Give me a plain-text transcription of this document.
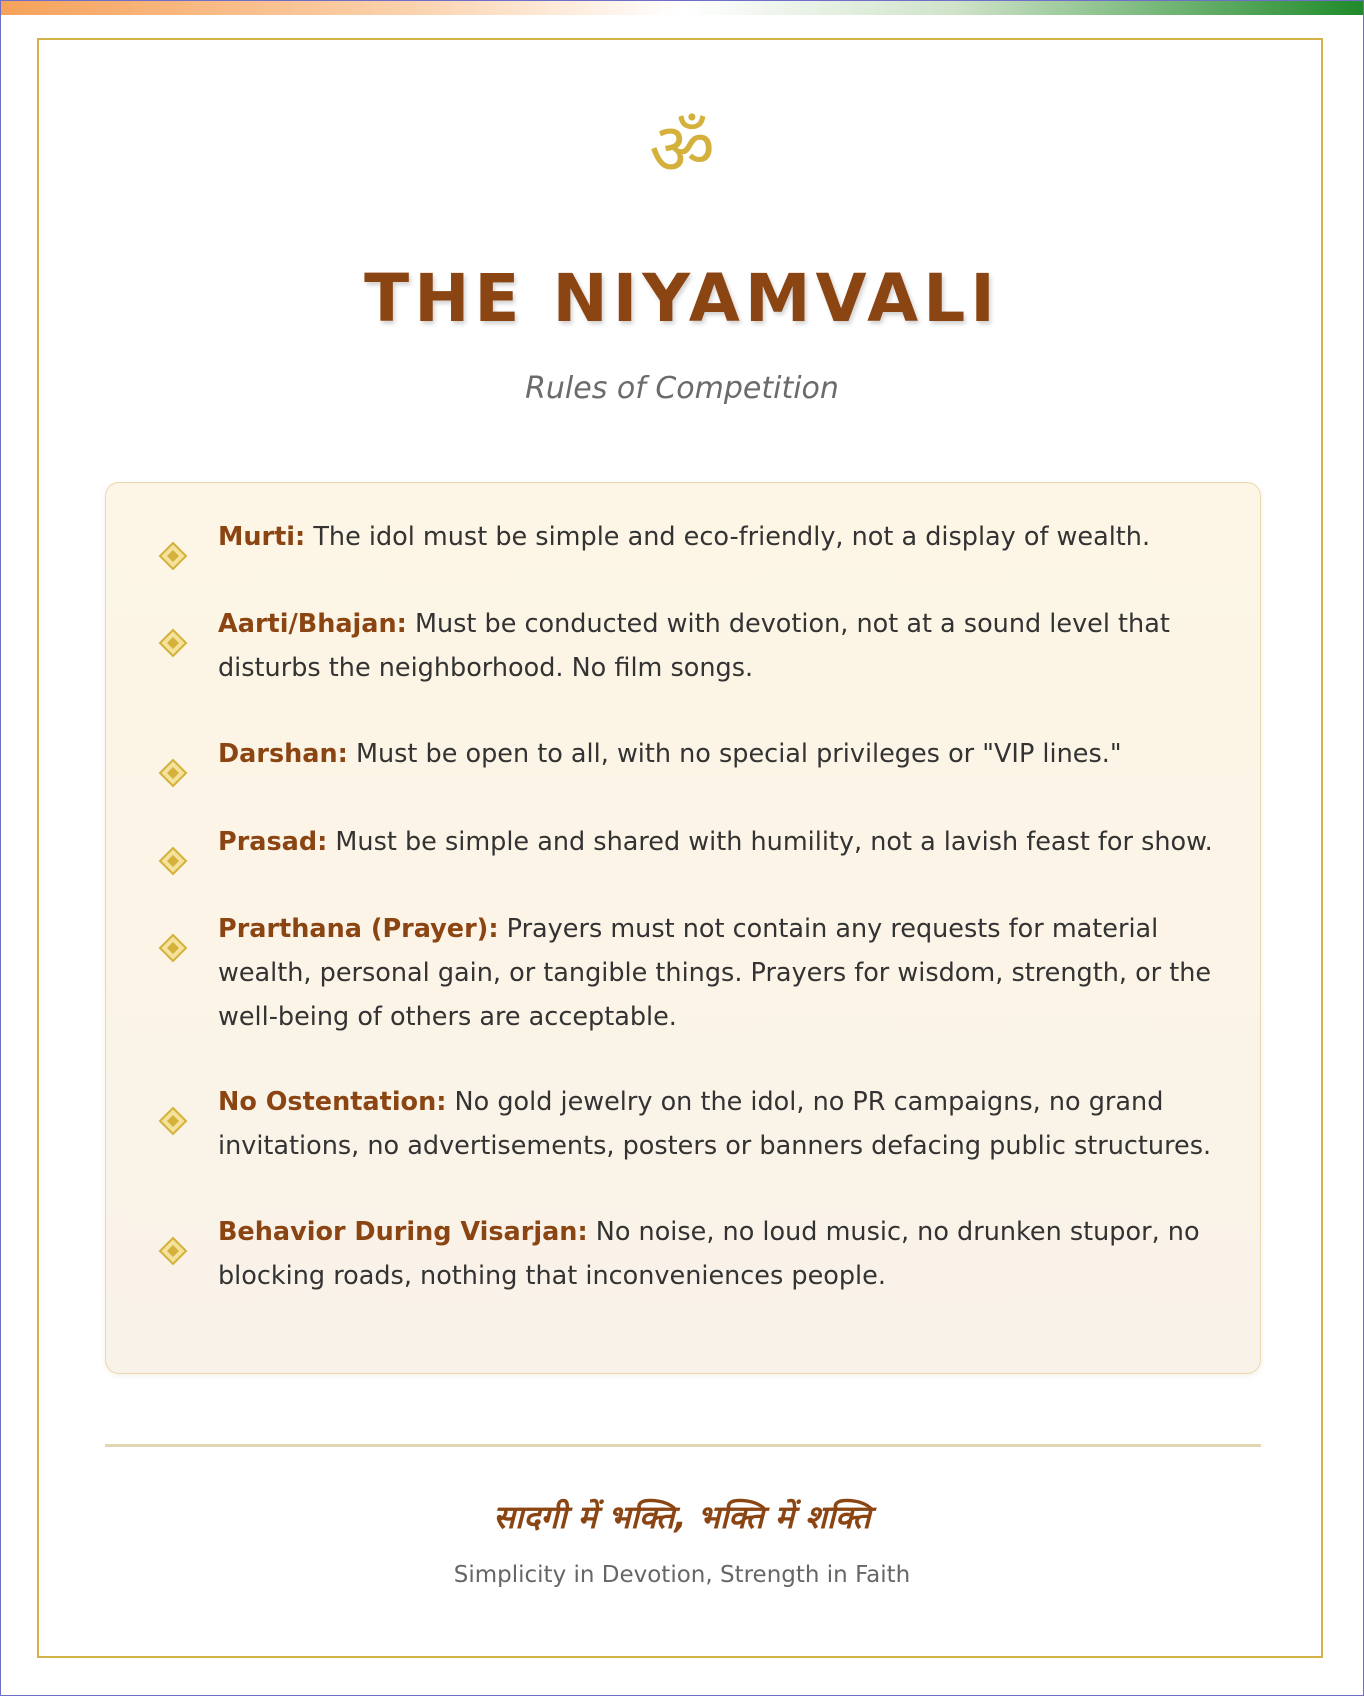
ॐ
THE NIYAMVALI
Rules of Competition
Murti: The idol must be simple and eco-friendly, not a display of wealth.
Aarti/Bhajan: Must be conducted with devotion, not at a sound level that disturbs the neighborhood. No film songs.
Darshan: Must be open to all, with no special privileges or "VIP lines."
Prasad: Must be simple and shared with humility, not a lavish feast for show.
Prarthana (Prayer): Prayers must not contain any requests for material wealth, personal gain, or tangible things. Prayers for wisdom, strength, or the well-being of others are acceptable.
No Ostentation: No gold jewelry on the idol, no PR campaigns, no grand invitations, no advertisements, posters or banners defacing public structures.
Behavior During Visarjan: No noise, no loud music, no drunken stupor, no blocking roads, nothing that inconveniences people.
सादगी में भक्ति, भक्ति में शक्ति
Simplicity in Devotion, Strength in Faith
